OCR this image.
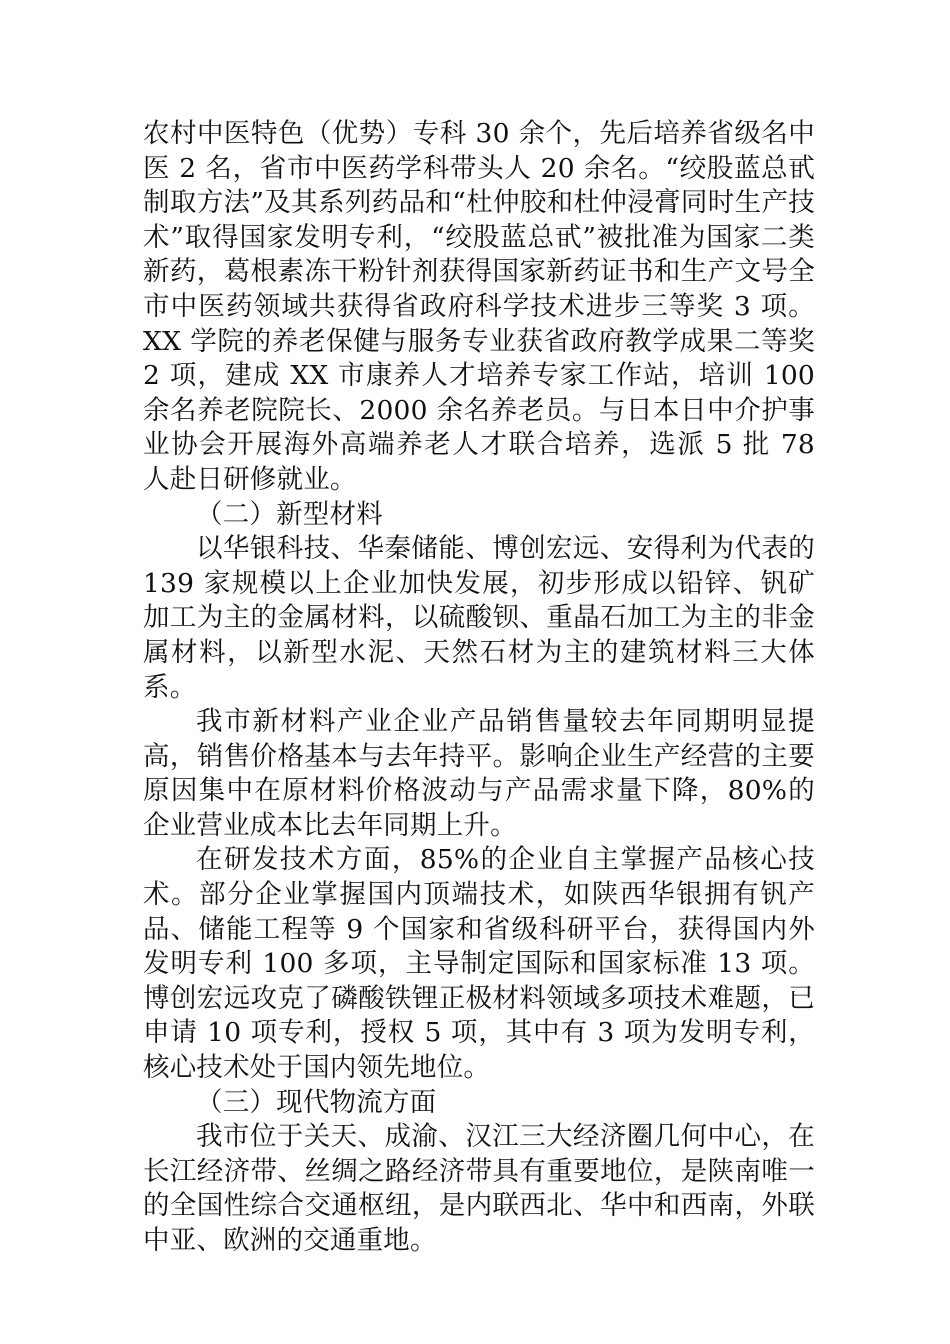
农村中医特色（优势）专科 30 余个，先后培养省级名中医 2 名，省市中医药学科带头人 20 余名。“绞股蓝总甙制取方法”及其系列药品和“杜仲胶和杜仲浸膏同时生产技术”取得国家发明专利，“绞股蓝总甙”被批准为国家二类新药，葛根素冻干粉针剂获得国家新药证书和生产文号全市中医药领域共获得省政府科学技术进步三等奖 3 项。XX 学院的养老保健与服务专业获省政府教学成果二等奖 2 项，建成 XX 市康养人才培养专家工作站，培训 100 余名养老院院长、2000 余名养老员。与日本日中介护事业协会开展海外高端养老人才联合培养，选派 5 批 78 人赴日研修就业。

（二）新型材料

以华银科技、华秦储能、博创宏远、安得利为代表的 139 家规模以上企业加快发展，初步形成以铅锌、钒矿加工为主的金属材料，以硫酸钡、重晶石加工为主的非金属材料，以新型水泥、天然石材为主的建筑材料三大体系。

我市新材料产业企业产品销售量较去年同期明显提高，销售价格基本与去年持平。影响企业生产经营的主要原因集中在原材料价格波动与产品需求量下降，80%的企业营业成本比去年同期上升。

在研发技术方面，85%的企业自主掌握产品核心技术。部分企业掌握国内顶端技术，如陕西华银拥有钒产品、储能工程等 9 个国家和省级科研平台，获得国内外发明专利 100 多项，主导制定国际和国家标准 13 项。博创宏远攻克了磷酸铁锂正极材料领域多项技术难题，已申请 10 项专利，授权 5 项，其中有 3 项为发明专利，核心技术处于国内领先地位。

（三）现代物流方面

我市位于关天、成渝、汉江三大经济圈几何中心，在长江经济带、丝绸之路经济带具有重要地位，是陕南唯一的全国性综合交通枢纽，是内联西北、华中和西南，外联中亚、欧洲的交通重地。
